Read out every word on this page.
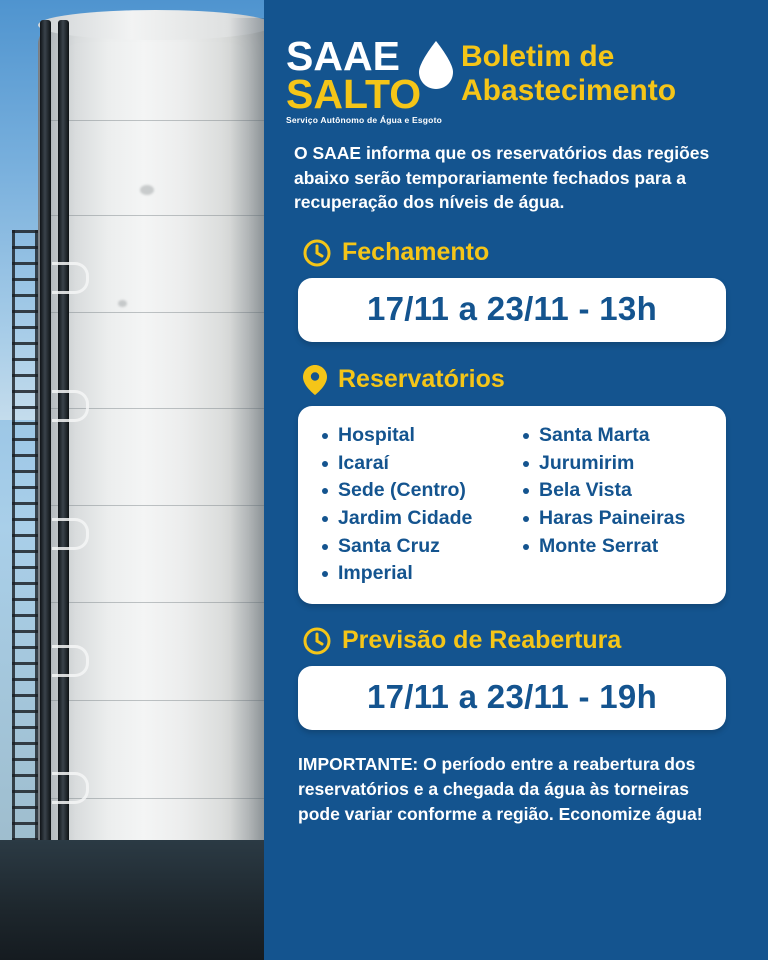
SAAE
SALTO
Serviço Autônomo de Água e Esgoto
Boletim de Abastecimento

O SAAE informa que os reservatórios das regiões abaixo serão temporariamente fechados para a recuperação dos níveis de água.

Fechamento
17/11 a 23/11 - 13h
Reservatórios
Hospital
Icaraí
Sede (Centro)
Jardim Cidade
Santa Cruz
Imperial
Santa Marta
Jurumirim
Bela Vista
Haras Paineiras
Monte Serrat
Previsão de Reabertura
17/11 a 23/11 - 19h

IMPORTANTE: O período entre a reabertura dos reservatórios e a chegada da água às torneiras pode variar conforme a região. Economize água!
